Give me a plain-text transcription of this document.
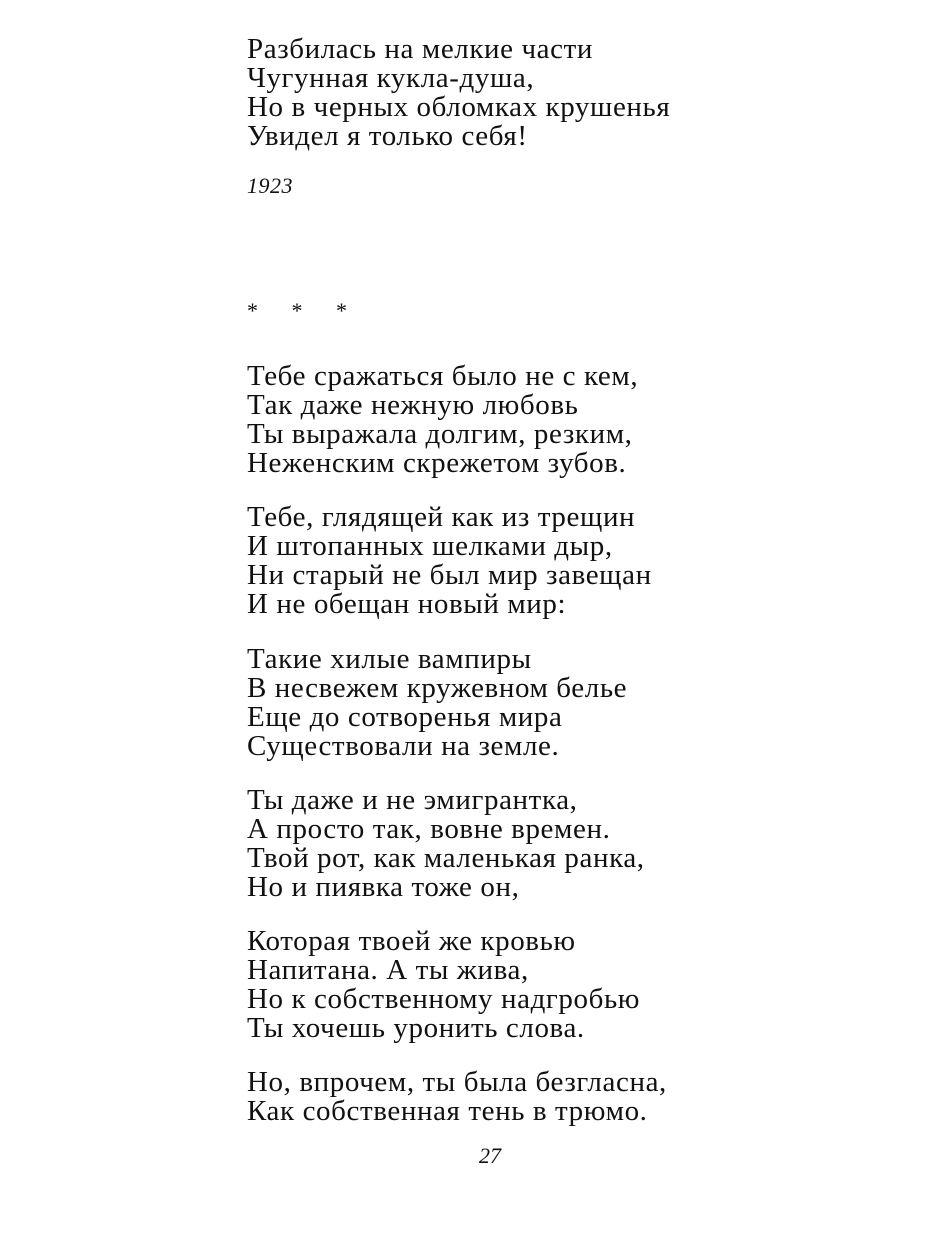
Разбилась на мелкие части
Чугунная кукла-душа,
Но в черных обломках крушенья
Увидел я только себя!
1923
* * *
Тебе сражаться было не с кем,
Так даже нежную любовь
Ты выражала долгим, резким,
Неженским скрежетом зубов.
Тебе, глядящей как из трещин
И штопанных шелками дыр,
Ни старый не был мир завещан
И не обещан новый мир:
Такие хилые вампиры
В несвежем кружевном белье
Еще до сотворенья мира
Существовали на земле.
Ты даже и не эмигрантка,
А просто так, вовне времен.
Твой рот, как маленькая ранка,
Но и пиявка тоже он,
Которая твоей же кровью
Напитана. А ты жива,
Но к собственному надгробью
Ты хочешь уронить слова.
Но, впрочем, ты была безгласна,
Как собственная тень в трюмо.
27
